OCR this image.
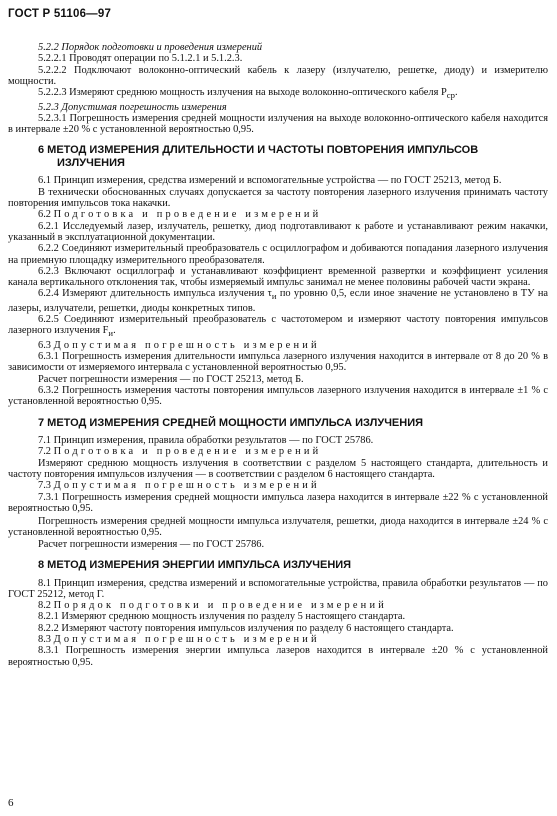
ГОСТ Р 51106—97

5.2.2 Порядок подготовки и проведения измерений

5.2.2.1 Проводят операции по 5.1.2.1 и 5.1.2.3.

5.2.2.2 Подключают волоконно-оптический кабель к лазеру (излучателю, решетке, диоду) и измерителю мощности.

5.2.2.3 Измеряют среднюю мощность излучения на выходе волоконно-оптического кабеля $P_{ср}$.

5.2.3 Допустимая погрешность измерения

5.2.3.1 Погрешность измерения средней мощности излучения на выходе волоконно-оптического кабеля находится в интервале ±20 % с установленной вероятностью 0,95.

6 МЕТОД ИЗМЕРЕНИЯ ДЛИТЕЛЬНОСТИ И ЧАСТОТЫ ПОВТОРЕНИЯ ИМПУЛЬСОВ
ИЗЛУЧЕНИЯ

6.1 Принцип измерения, средства измерений и вспомогательные устройства — по ГОСТ 25213, метод Б.

В технически обоснованных случаях допускается за частоту повторения лазерного излучения принимать частоту повторения импульсов тока накачки.

6.2 Подготовка и проведение измерений

6.2.1 Исследуемый лазер, излучатель, решетку, диод подготавливают к работе и устанавливают режим накачки, указанный в эксплуатационной документации.

6.2.2 Соединяют измерительный преобразователь с осциллографом и добиваются попадания лазерного излучения на приемную площадку измерительного преобразователя.

6.2.3 Включают осциллограф и устанавливают коэффициент временной развертки и коэффициент усиления канала вертикального отклонения так, чтобы измеряемый импульс занимал не менее половины рабочей части экрана.

6.2.4 Измеряют длительность импульса излучения $\tau_и$ по уровню 0,5, если иное значение не установлено в ТУ на лазеры, излучатели, решетки, диоды конкретных типов.

6.2.5 Соединяют измерительный преобразователь с частотомером и измеряют частоту повторения импульсов лазерного излучения $F_и$.

6.3 Допустимая погрешность измерений

6.3.1 Погрешность измерения длительности импульса лазерного излучения находится в интервале от 8 до 20 % в зависимости от измеряемого интервала с установленной вероятностью 0,95.

Расчет погрешности измерения — по ГОСТ 25213, метод Б.

6.3.2 Погрешность измерения частоты повторения импульсов лазерного излучения находится в интервале ±1 % с установленной вероятностью 0,95.

7 МЕТОД ИЗМЕРЕНИЯ СРЕДНЕЙ МОЩНОСТИ ИМПУЛЬСА ИЗЛУЧЕНИЯ

7.1 Принцип измерения, правила обработки результатов — по ГОСТ 25786.

7.2 Подготовка и проведение измерений

Измеряют среднюю мощность излучения в соответствии с разделом 5 настоящего стандарта, длительность и частоту повторения импульсов излучения — в соответствии с разделом 6 настоящего стандарта.

7.3 Допустимая погрешность измерений

7.3.1 Погрешность измерения средней мощности импульса лазера находится в интервале ±22 % с установленной вероятностью 0,95.

Погрешность измерения средней мощности импульса излучателя, решетки, диода находится в интервале ±24 % с установленной вероятностью 0,95.

Расчет погрешности измерения — по ГОСТ 25786.

8 МЕТОД ИЗМЕРЕНИЯ ЭНЕРГИИ ИМПУЛЬСА ИЗЛУЧЕНИЯ

8.1 Принцип измерения, средства измерений и вспомогательные устройства, правила обработки результатов — по ГОСТ 25212, метод Г.

8.2 Порядок подготовки и проведение измерений

8.2.1 Измеряют среднюю мощность излучения по разделу 5 настоящего стандарта.

8.2.2 Измеряют частоту повторения импульсов излучения по разделу 6 настоящего стандарта.

8.3 Допустимая погрешность измерений

8.3.1 Погрешность измерения энергии импульса лазеров находится в интервале ±20 % с установленной вероятностью 0,95.

6
